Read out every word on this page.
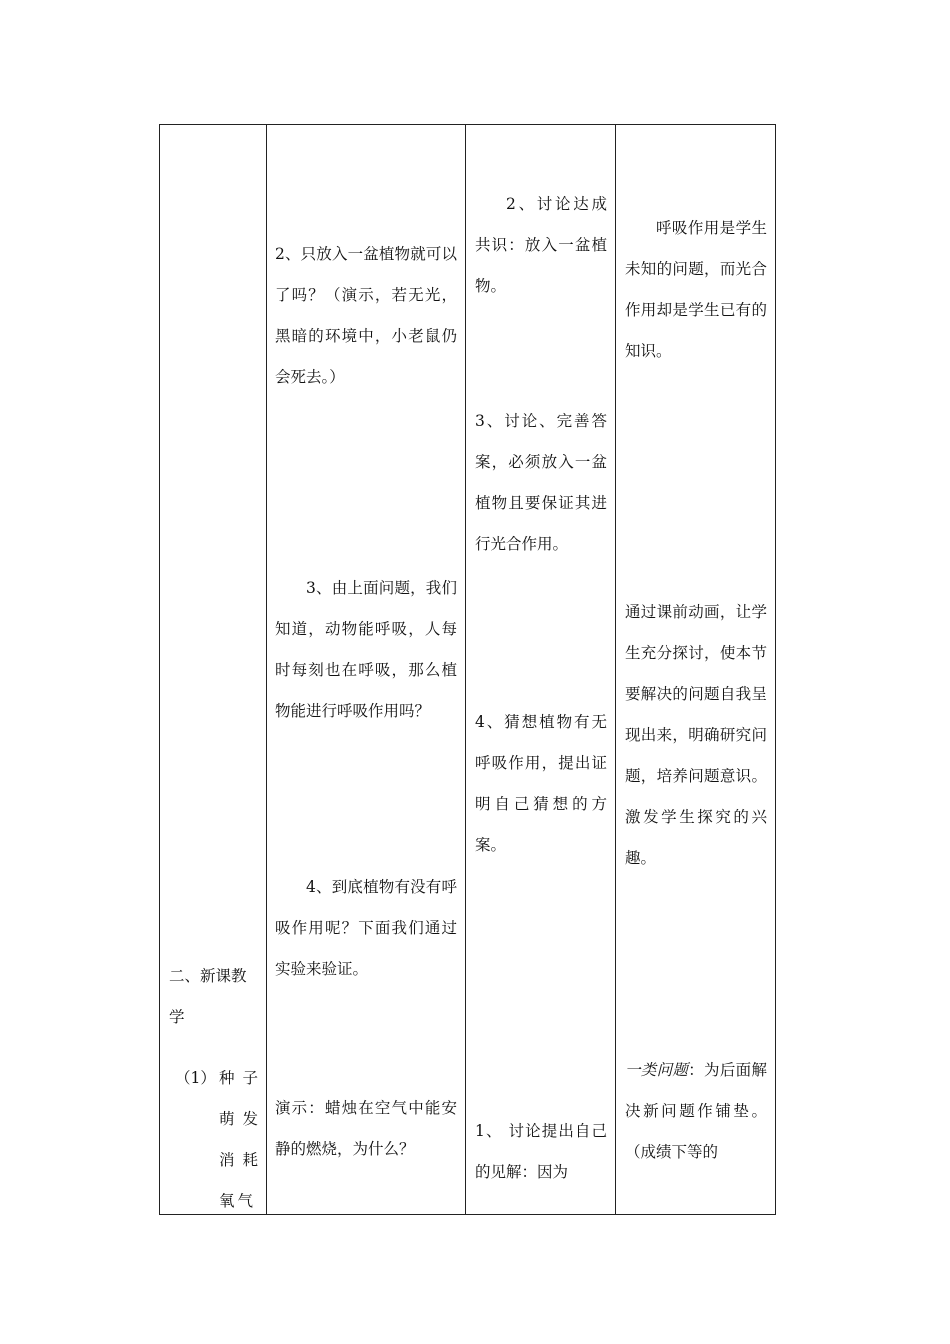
二、新课教学

（1） 种子萌发消耗氧气

2、只放入一盆植物就可以了吗？（演示，若无光，黑暗的环境中，小老鼠仍会死去。）

3、由上面问题，我们知道，动物能呼吸，人每时每刻也在呼吸，那么植物能进行呼吸作用吗？

4、到底植物有没有呼吸作用呢？下面我们通过实验来验证。

演示：蜡烛在空气中能安静的燃烧，为什么？

2、讨论达成共识：放入一盆植物。

3、讨论、完善答案，必须放入一盆植物且要保证其进行光合作用。

4、猜想植物有无呼吸作用，提出证明自己猜想的方案。

1、 讨论提出自己的见解：因为

呼吸作用是学生未知的问题，而光合作用却是学生已有的知识。

通过课前动画，让学生充分探讨，使本节要解决的问题自我呈现出来，明确研究问题，培养问题意识。激发学生探究的兴趣。

一类问题：为后面解决新问题作铺垫。（成绩下等的
